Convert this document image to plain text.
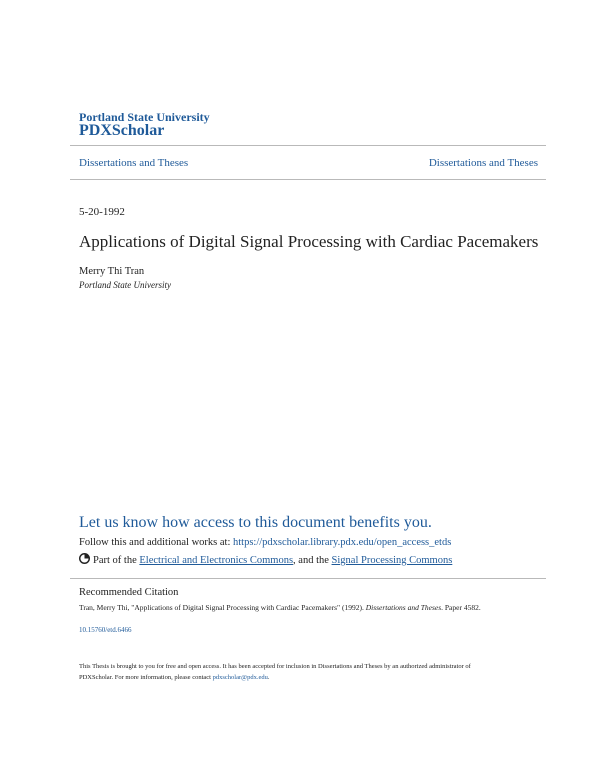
Portland State University
PDXScholar
Dissertations and Theses	Dissertations and Theses
5-20-1992
Applications of Digital Signal Processing with Cardiac Pacemakers
Merry Thi Tran
Portland State University
Let us know how access to this document benefits you.
Follow this and additional works at: https://pdxscholar.library.pdx.edu/open_access_etds
Part of the Electrical and Electronics Commons, and the Signal Processing Commons
Recommended Citation
Tran, Merry Thi, "Applications of Digital Signal Processing with Cardiac Pacemakers" (1992). Dissertations and Theses. Paper 4582.
10.15760/etd.6466
This Thesis is brought to you for free and open access. It has been accepted for inclusion in Dissertations and Theses by an authorized administrator of
PDXScholar. For more information, please contact pdxscholar@pdx.edu.
